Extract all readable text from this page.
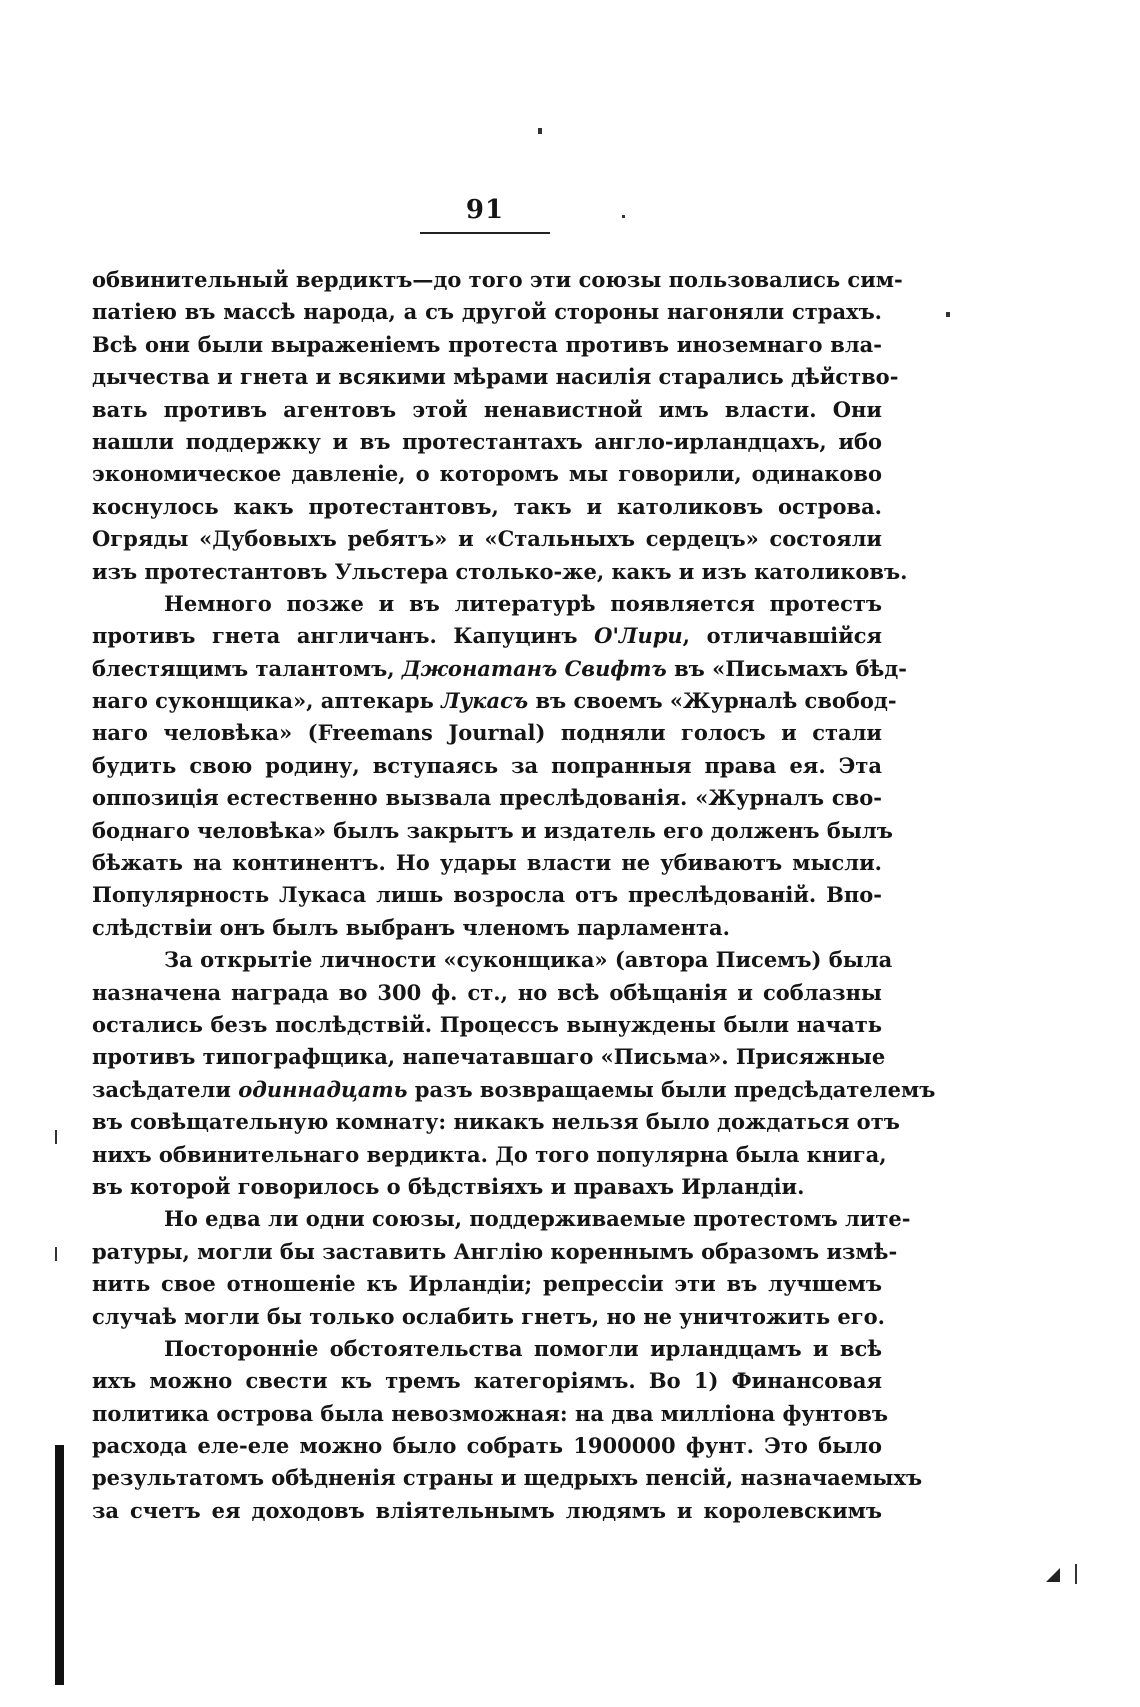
91
обвинительный вердиктъ—до того эти союзы пользовались сим-
патіею въ массѣ народа, а съ другой стороны нагоняли страхъ.
Всѣ они были выраженіемъ протеста противъ иноземнаго вла-
дычества и гнета и всякими мѣрами насилія старались дѣйство-
вать противъ агентовъ этой ненавистной имъ власти. Они
нашли поддержку и въ протестантахъ англо-ирландцахъ, ибо
экономическое давленіе, о которомъ мы говорили, одинаково
коснулось какъ протестантовъ, такъ и католиковъ острова.
Огряды «Дубовыхъ ребятъ» и «Стальныхъ сердецъ» состояли
изъ протестантовъ Ульстера столько-же, какъ и изъ католиковъ.
Немного позже и въ литературѣ появляется протестъ
противъ гнета англичанъ. Капуцинъ О'Лири, отличавшійся
блестящимъ талантомъ, Джонатанъ Свифтъ въ «Письмахъ бѣд-
наго суконщика», аптекарь Лукасъ въ своемъ «Журналѣ свобод-
наго человѣка» (Freemans Journal) подняли голосъ и стали
будить свою родину, вступаясь за попранныя права ея. Эта
оппозиція естественно вызвала преслѣдованія. «Журналъ сво-
боднаго человѣка» былъ закрытъ и издатель его долженъ былъ
бѣжать на континентъ. Но удары власти не убиваютъ мысли.
Популярность Лукаса лишь возросла отъ преслѣдованій. Впо-
слѣдствіи онъ былъ выбранъ членомъ парламента.
За открытіе личности «суконщика» (автора Писемъ) была
назначена награда во 300 ф. ст., но всѣ обѣщанія и соблазны
остались безъ послѣдствій. Процессъ вынуждены были начать
противъ типографщика, напечатавшаго «Письма». Присяжные
засѣдатели одиннадцать разъ возвращаемы были предсѣдателемъ
въ совѣщательную комнату: никакъ нельзя было дождаться отъ
нихъ обвинительнаго вердикта. До того популярна была книга,
въ которой говорилось о бѣдствіяхъ и правахъ Ирландіи.
Но едва ли одни союзы, поддерживаемые протестомъ лите-
ратуры, могли бы заставить Англію кореннымъ образомъ измѣ-
нить свое отношеніе къ Ирландіи; репрессіи эти въ лучшемъ
случаѣ могли бы только ослабить гнетъ, но не уничтожить его.
Посторонніе обстоятельства помогли ирландцамъ и всѣ
ихъ можно свести къ тремъ категоріямъ. Во 1) Финансовая
политика острова была невозможная: на два милліона фунтовъ
расхода еле-еле можно было собрать 1900000 фунт. Это было
результатомъ обѣдненія страны и щедрыхъ пенсій, назначаемыхъ
за счетъ ея доходовъ вліятельнымъ людямъ и королевскимъ
